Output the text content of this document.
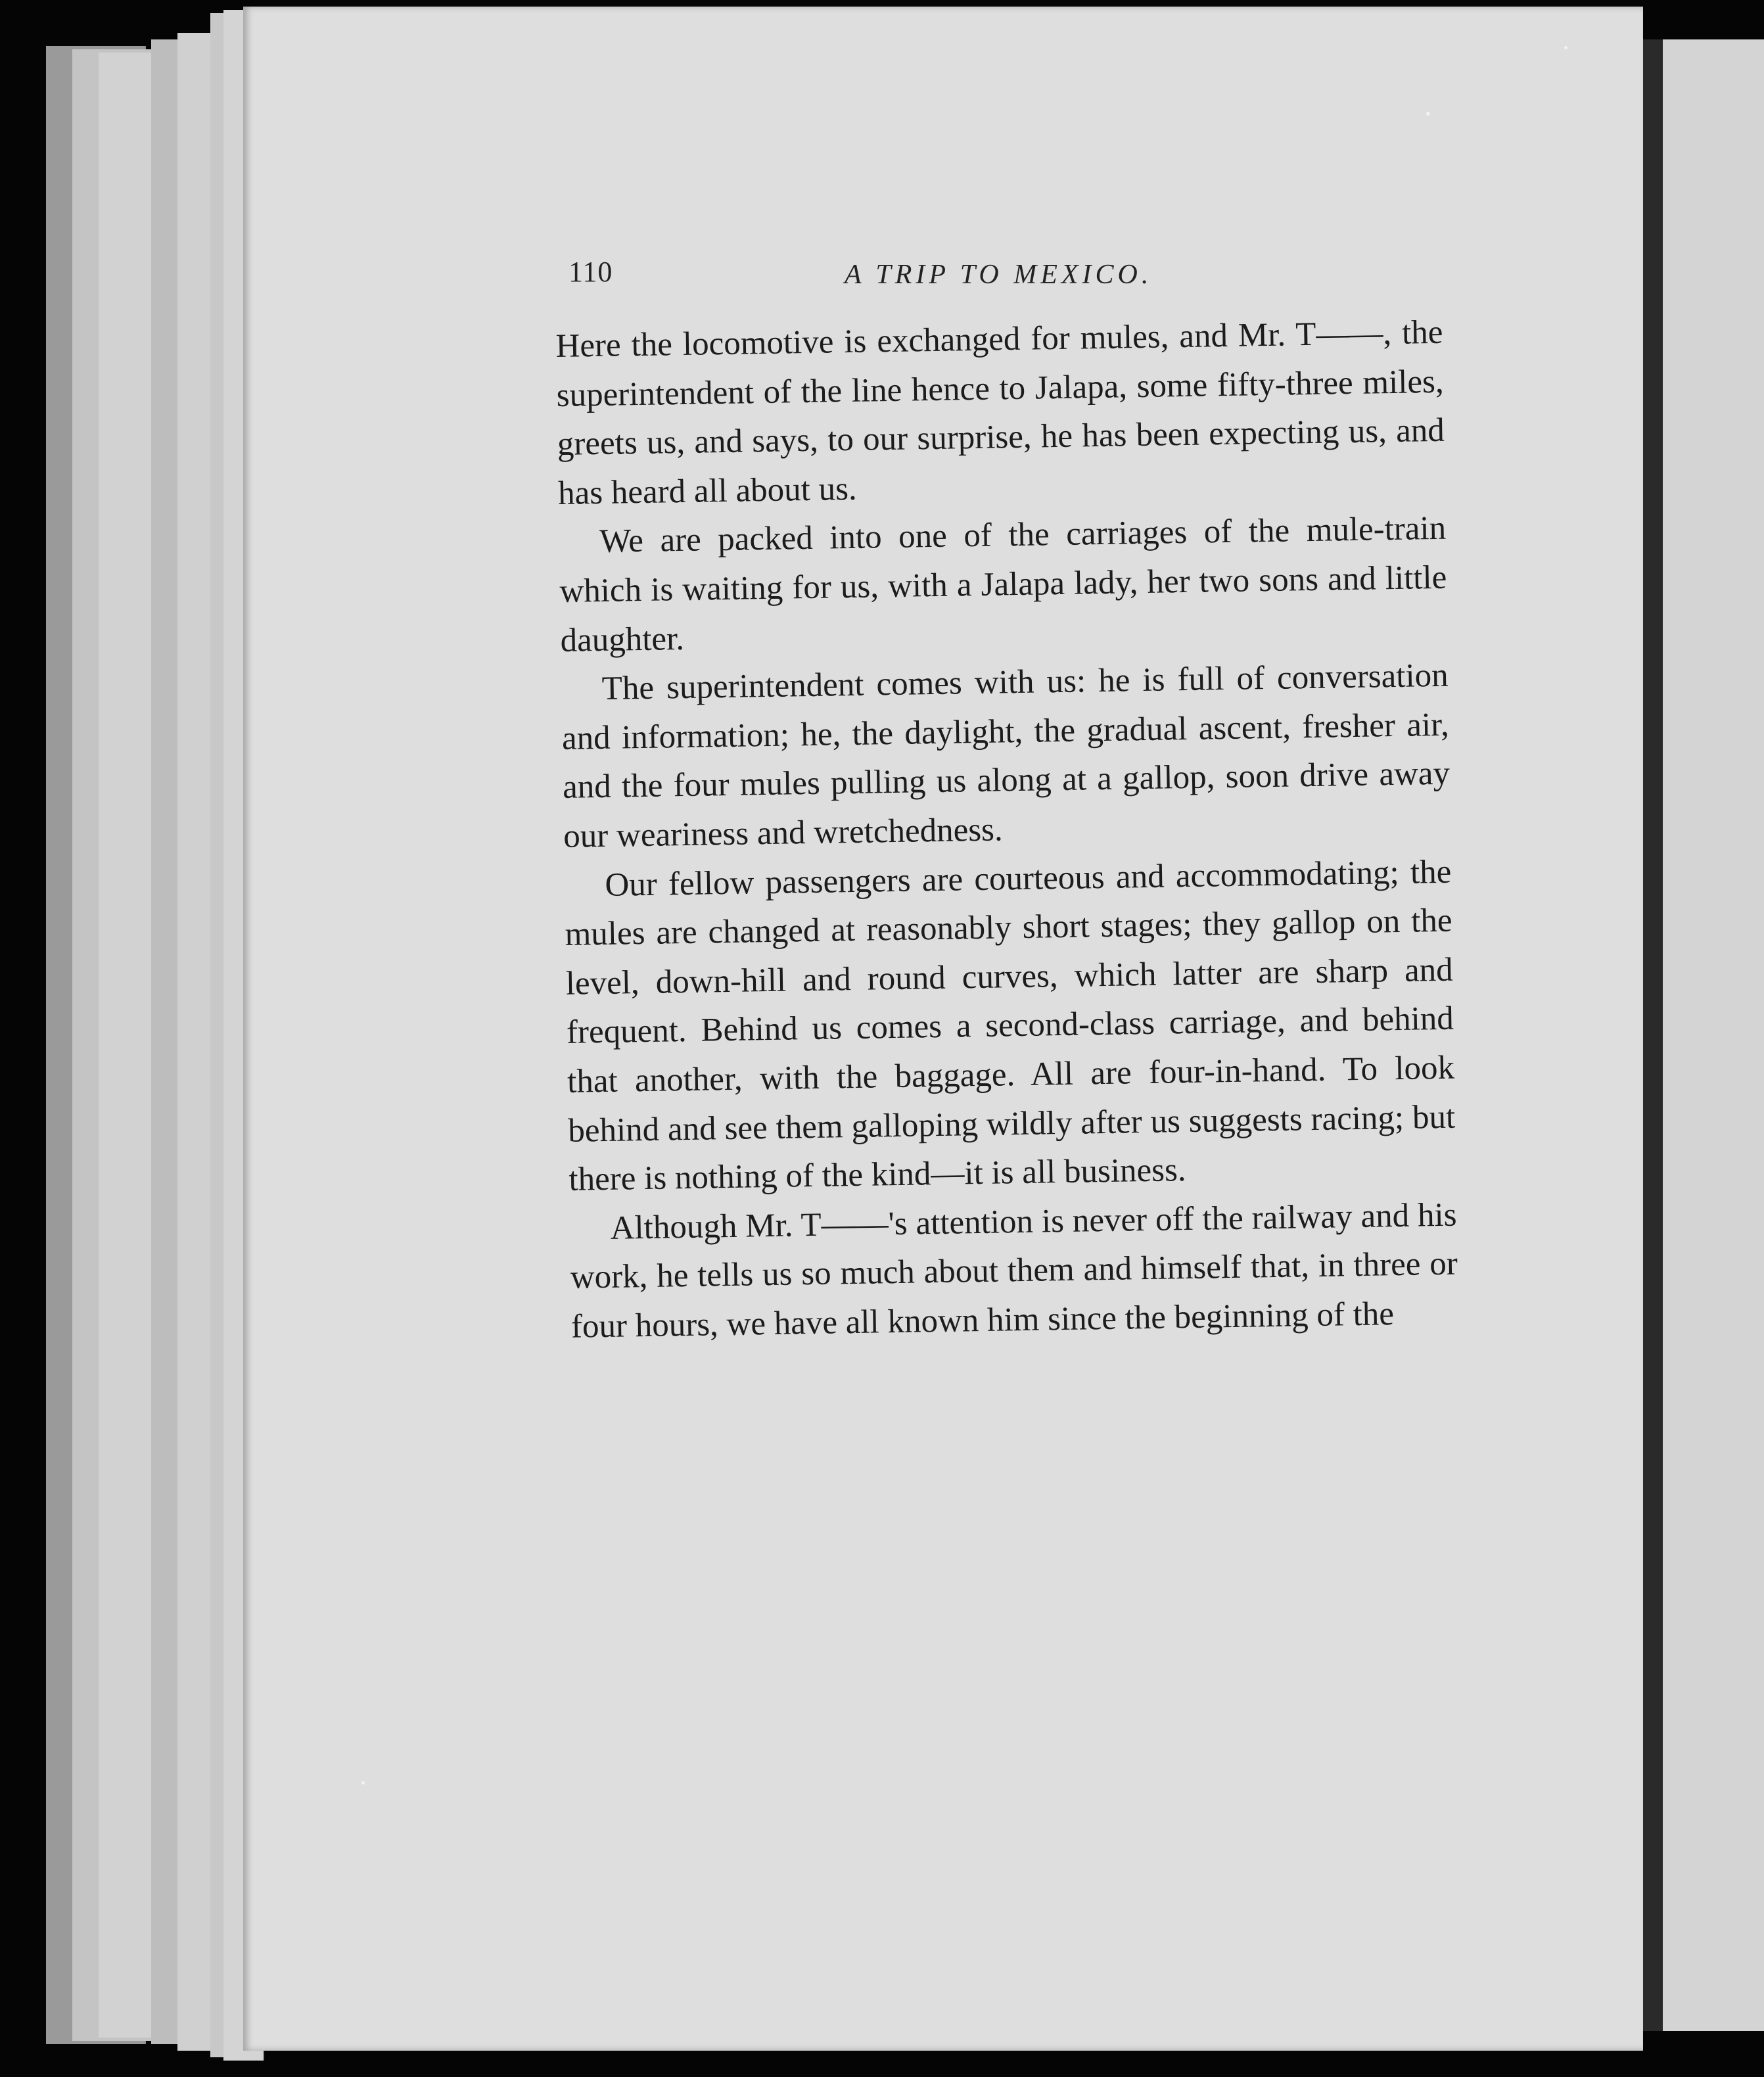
110	A TRIP TO MEXICO.

Here the locomotive is exchanged for mules, and Mr. T——, the superintendent of the line hence to Jalapa, some fifty-three miles, greets us, and says, to our surprise, he has been expecting us, and has heard all about us.

We are packed into one of the carriages of the mule-train which is waiting for us, with a Jalapa lady, her two sons and little daughter.

The superintendent comes with us: he is full of conversation and information; he, the daylight, the gradual ascent, fresher air, and the four mules pulling us along at a gallop, soon drive away our weariness and wretchedness.

Our fellow passengers are courteous and accommodating; the mules are changed at reasonably short stages; they gallop on the level, down-hill and round curves, which latter are sharp and frequent. Behind us comes a second-class carriage, and behind that another, with the baggage. All are four-in-hand. To look behind and see them galloping wildly after us suggests racing; but there is nothing of the kind—it is all business.

Although Mr. T——'s attention is never off the railway and his work, he tells us so much about them and himself that, in three or four hours, we have all known him since the beginning of the
